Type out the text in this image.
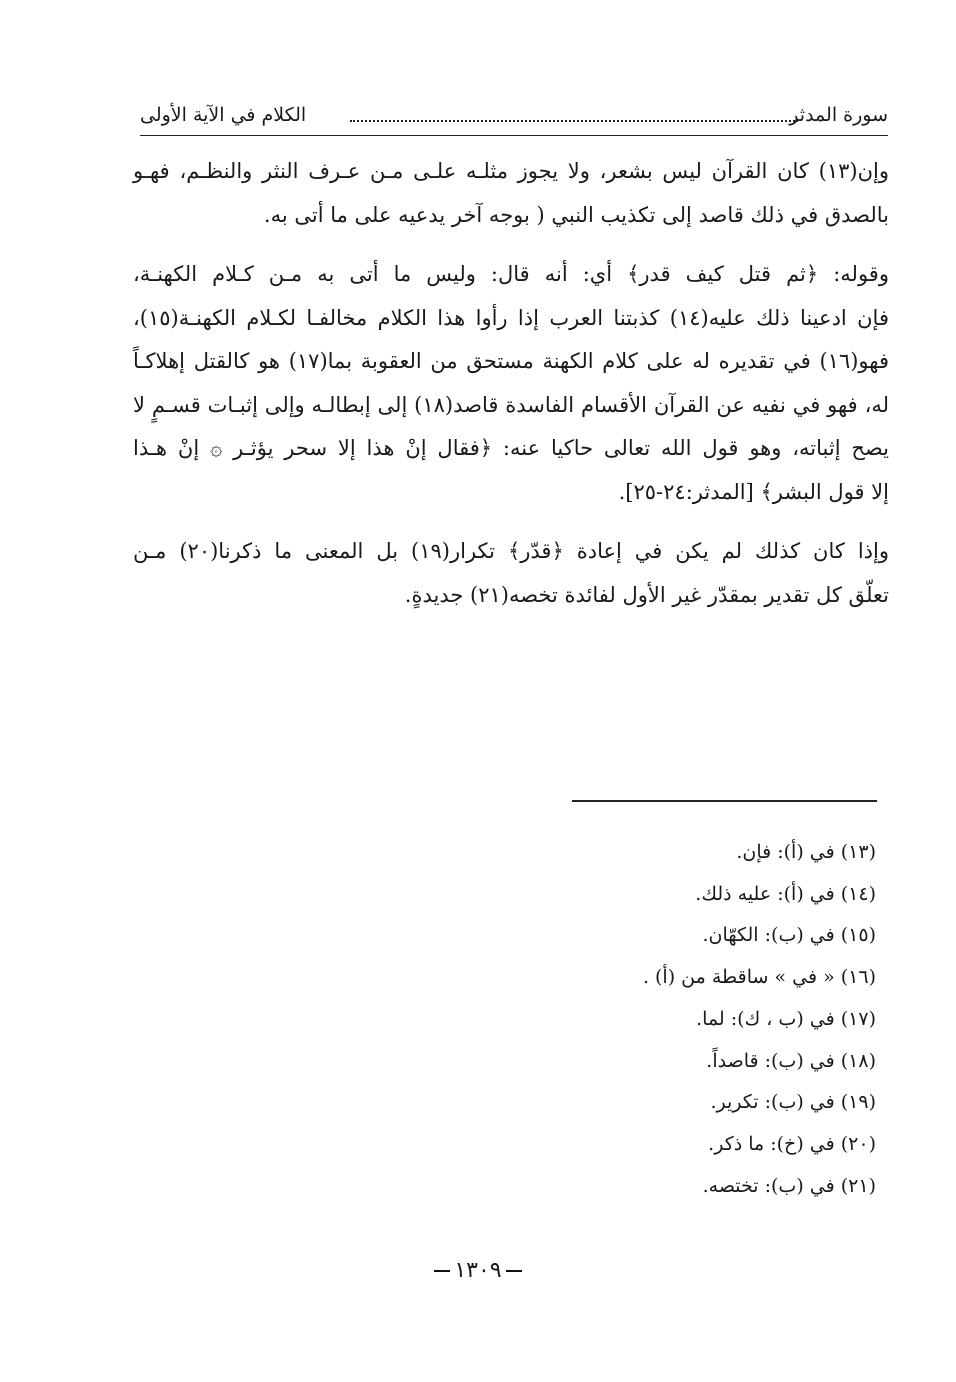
سورة المدثر
الكلام في الآية الأولى

وإن(١٣) كان القرآن ليس بشعر، ولا يجوز مثلـه علـى مـن عـرف النثر والنظـم، فهـو
بالصدق في ذلك قاصد إلى تكذيب النبي ( بوجه آخر يدعيه على ما أتى به.

وقوله: ﴿ثم قتل كيف قدر﴾ أي: أنه قال: وليس ما أتى به مـن كـلام الكهنـة،
فإن ادعينا ذلك عليه(١٤) كذبتنا العرب إذا رأوا هذا الكلام مخالفـا لكـلام الكهنـة(١٥)،
فهو(١٦) في تقديره له على كلام الكهنة مستحق من العقوبة بما(١٧) هو كالقتل إهلاكـاً
له، فهو في نفيه عن القرآن الأقسام الفاسدة قاصد(١٨) إلى إبطالـه وإلى إثبـات قسـمٍ لا
يصح إثباته، وهو قول الله تعالى حاكيا عنه: ﴿فقال إنْ هذا إلا سحر يؤثـر ۞ إنْ هـذا
إلا قول البشر﴾ [المدثر:٢٤-٢٥].

وإذا كان كذلك لم يكن في إعادة ﴿قدّر﴾ تكرار(١٩) بل المعنى ما ذكرنا(٢٠) مـن
تعلّق كل تقدير بمقدّر غير الأول لفائدة تخصه(٢١) جديدةٍ.

(١٣) في (أ): فإن.
(١٤) في (أ): عليه ذلك.
(١٥) في (ب): الكهّان.
(١٦) « في » ساقطة من (أ) .
(١٧) في (ب ، ك): لما.
(١٨) في (ب): قاصداً.
(١٩) في (ب): تكرير.
(٢٠) في (خ): ما ذكر.
(٢١) في (ب): تختصه.
١٣٠٩
